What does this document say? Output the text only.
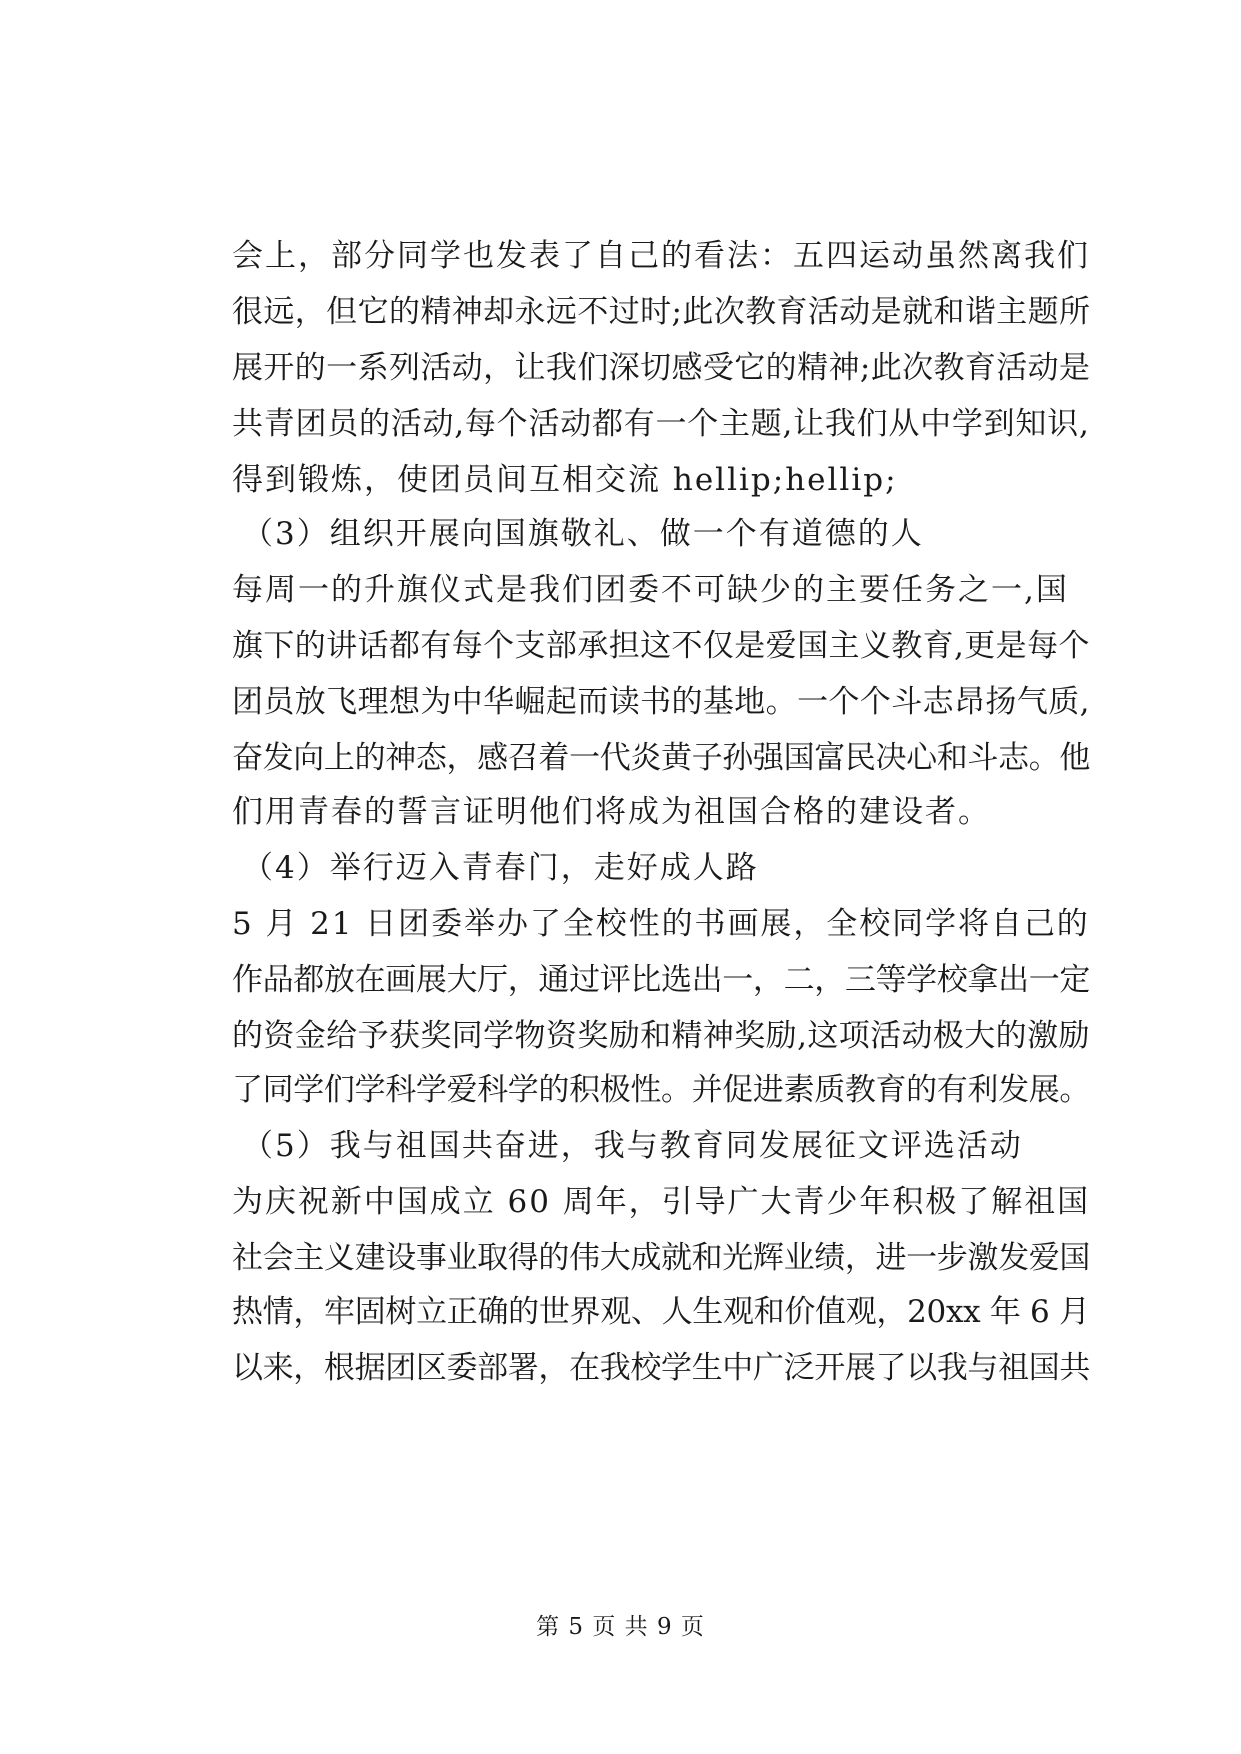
会上，部分同学也发表了自己的看法：五四运动虽然离我们
很远，但它的精神却永远不过时;此次教育活动是就和谐主题所
展开的一系列活动，让我们深切感受它的精神;此次教育活动是
共青团员的活动,每个活动都有一个主题,让我们从中学到知识,
得到锻炼，使团员间互相交流 hellip;hellip;
（3）组织开展向国旗敬礼、做一个有道德的人
每周一的升旗仪式是我们团委不可缺少的主要任务之一,国
旗下的讲话都有每个支部承担这不仅是爱国主义教育,更是每个
团员放飞理想为中华崛起而读书的基地。一个个斗志昂扬气质,
奋发向上的神态，感召着一代炎黄子孙强国富民决心和斗志。他
们用青春的誓言证明他们将成为祖国合格的建设者。
（4）举行迈入青春门，走好成人路
5 月 21 日团委举办了全校性的书画展，全校同学将自己的
作品都放在画展大厅，通过评比选出一，二，三等学校拿出一定
的资金给予获奖同学物资奖励和精神奖励,这项活动极大的激励
了同学们学科学爱科学的积极性。并促进素质教育的有利发展。
（5）我与祖国共奋进，我与教育同发展征文评选活动
为庆祝新中国成立 60 周年，引导广大青少年积极了解祖国
社会主义建设事业取得的伟大成就和光辉业绩，进一步激发爱国
热情，牢固树立正确的世界观、人生观和价值观，20xx 年 6 月
以来，根据团区委部署，在我校学生中广泛开展了以我与祖国共
第 5 页 共 9 页
